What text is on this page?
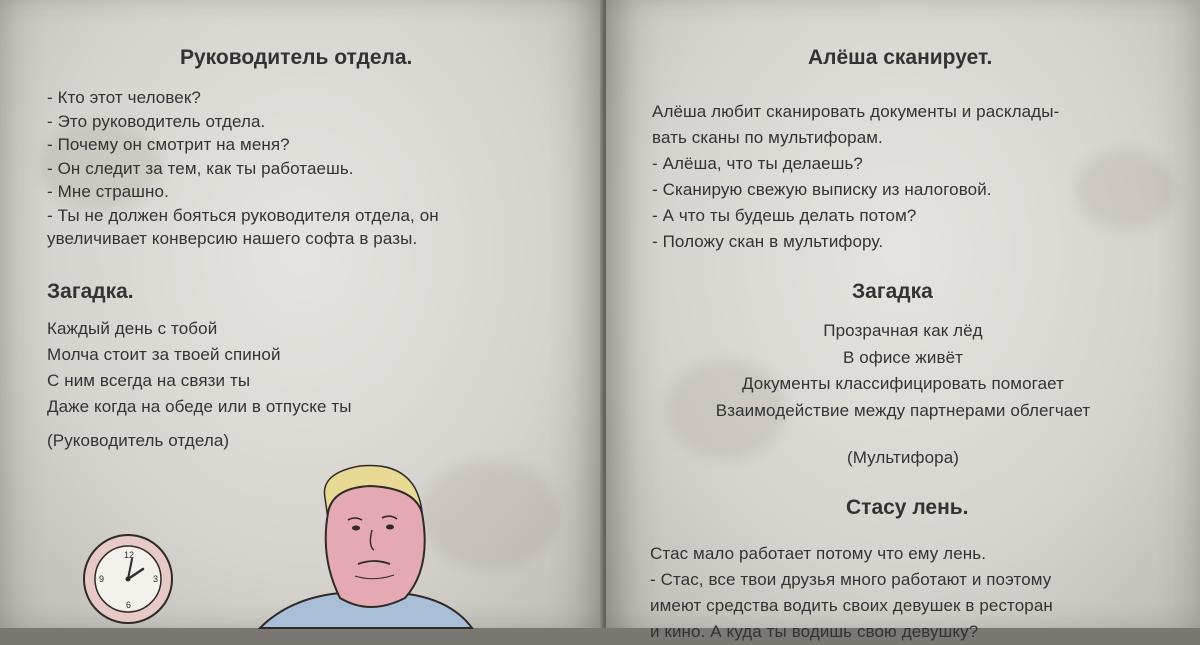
Руководитель отдела.
- Кто этот человек?
- Это руководитель отдела.
- Почему он смотрит на меня?
- Он следит за тем, как ты работаешь.
- Мне страшно.
- Ты не должен бояться руководителя отдела, он
увеличивает конверсию нашего софта в разы.
Загадка.
Каждый день с тобой
Молча стоит за твоей спиной
С ним всегда на связи ты
Даже когда на обеде или в отпуске ты
(Руководитель отдела)
12
3
6
9
Алёша сканирует.
Алёша любит сканировать документы и расклады-
вать сканы по мультифорам.
- Алёша, что ты делаешь?
- Сканирую свежую выписку из налоговой.
- А что ты будешь делать потом?
- Положу скан в мультифору.
Загадка
Прозрачная как лёд
В офисе живёт
Документы классифицировать помогает
Взаимодействие между партнерами облегчает
(Мультифора)
Стасу лень.
Стас мало работает потому что ему лень.
- Стас, все твои друзья много работают и поэтому
имеют средства водить своих девушек в ресторан
и кино. А куда ты водишь свою девушку?
